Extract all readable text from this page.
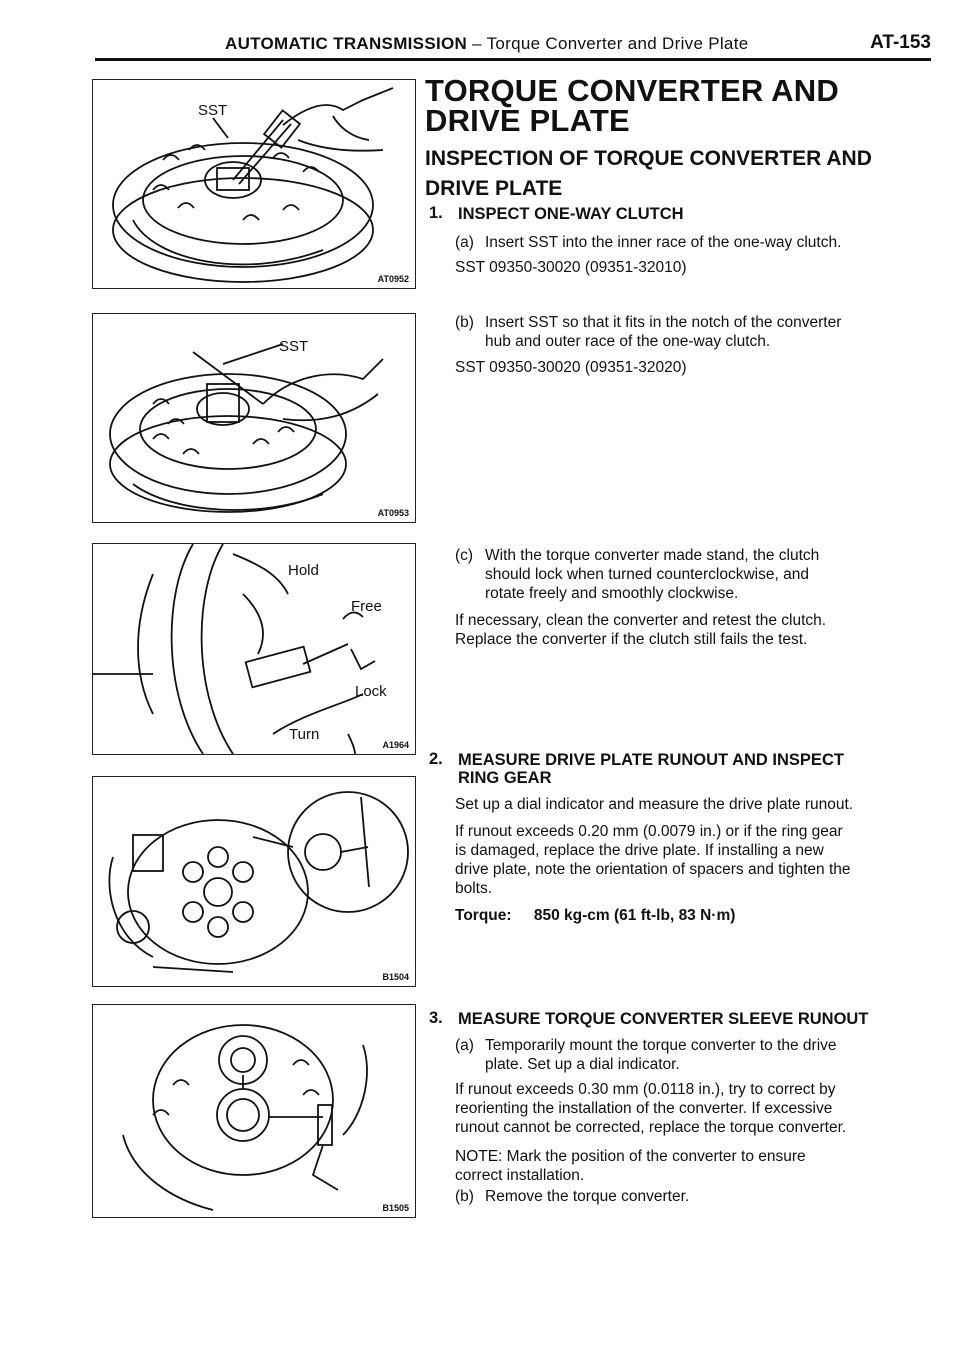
AUTOMATIC TRANSMISSION – Torque Converter and Drive Plate	AT-153
SST
AT0952
SST
AT0953
Hold
Free
Lock
Turn
A1964
B1504
B1505
TORQUE CONVERTER AND DRIVE PLATE
INSPECTION OF TORQUE CONVERTER AND DRIVE PLATE
1. INSPECT ONE-WAY CLUTCH
(a) Insert SST into the inner race of the one-way clutch.
SST 09350-30020 (09351-32010)
(b) Insert SST so that it fits in the notch of the converter
hub and outer race of the one-way clutch.
SST 09350-30020 (09351-32020)
(c) With the torque converter made stand, the clutch
should lock when turned counterclockwise, and
rotate freely and smoothly clockwise.
If necessary, clean the converter and retest the clutch.
Replace the converter if the clutch still fails the test.
2. MEASURE DRIVE PLATE RUNOUT AND INSPECT
RING GEAR
Set up a dial indicator and measure the drive plate runout.
If runout exceeds 0.20 mm (0.0079 in.) or if the ring gear
is damaged, replace the drive plate. If installing a new
drive plate, note the orientation of spacers and tighten the
bolts.
Torque: 850 kg-cm (61 ft-lb, 83 N·m)
3. MEASURE TORQUE CONVERTER SLEEVE RUNOUT
(a) Temporarily mount the torque converter to the drive
plate. Set up a dial indicator.
If runout exceeds 0.30 mm (0.0118 in.), try to correct by
reorienting the installation of the converter. If excessive
runout cannot be corrected, replace the torque converter.
NOTE: Mark the position of the converter to ensure
correct installation.
(b) Remove the torque converter.
